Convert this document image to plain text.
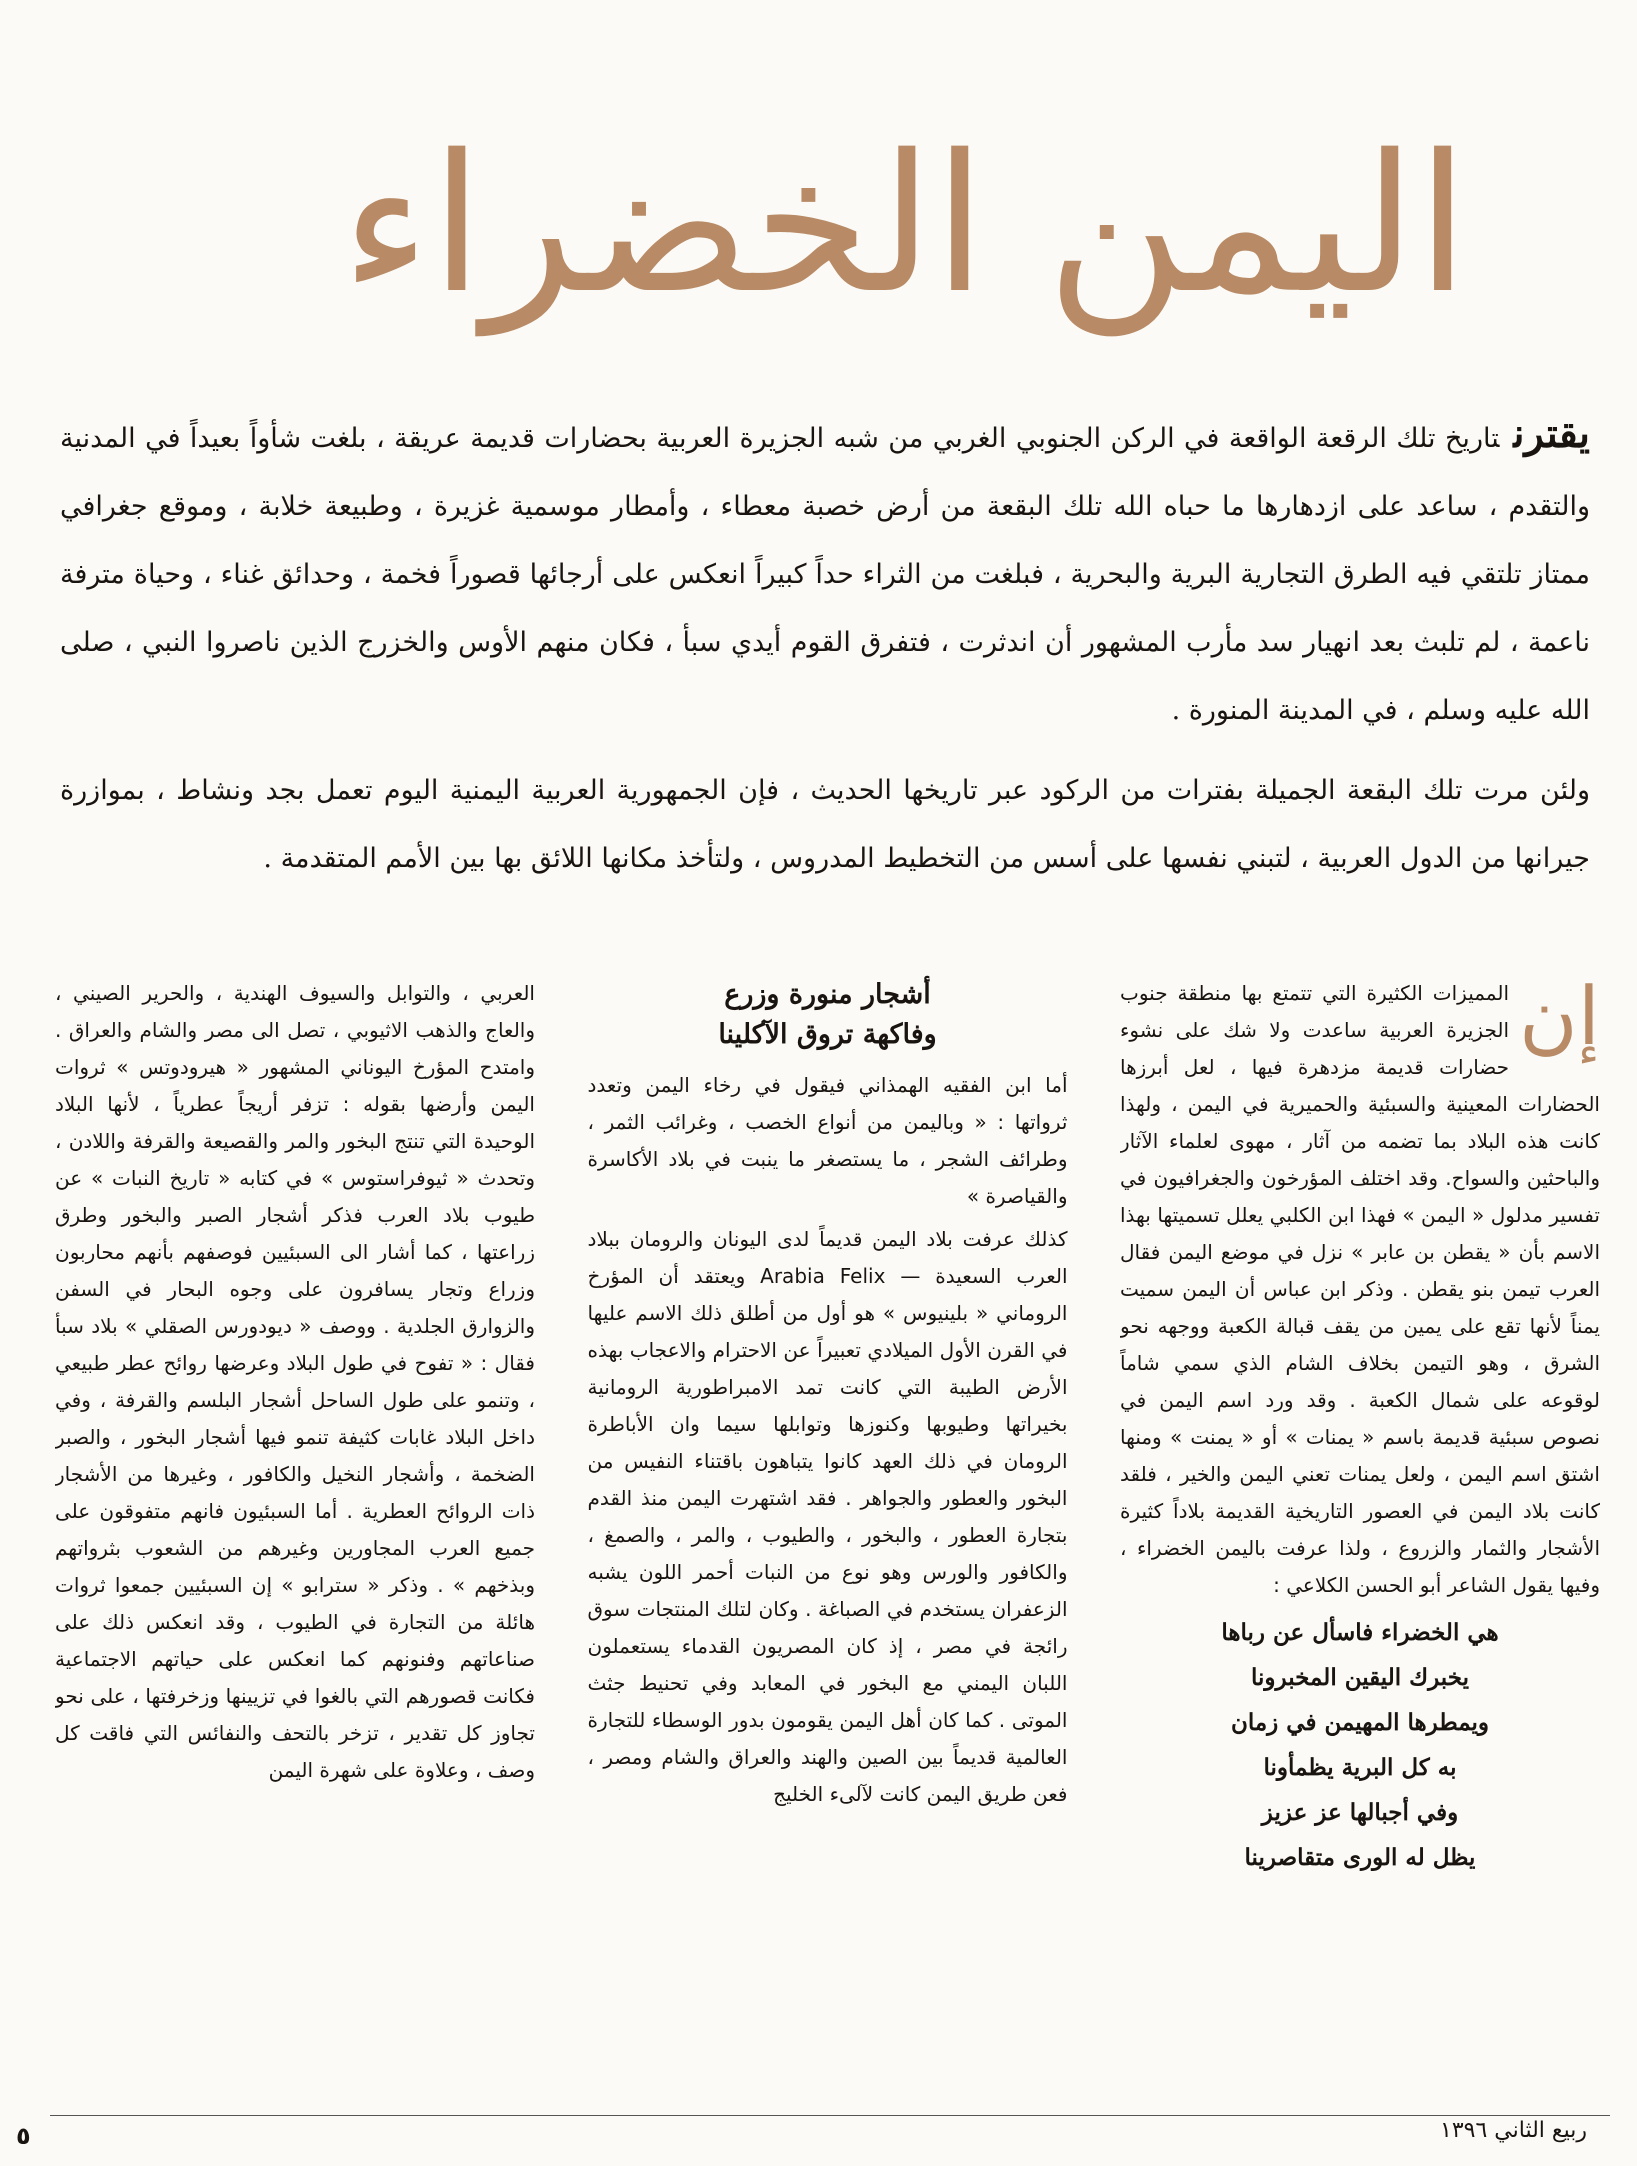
اليمن الخضراء

يقترنتاريخ تلك الرقعة الواقعة في الركن الجنوبي الغربي من شبه الجزيرة العربية بحضارات قديمة عريقة ، بلغت شأواً بعيداً في المدنية والتقدم ، ساعد على ازدهارها ما حباه الله تلك البقعة من أرض خصبة معطاء ، وأمطار موسمية غزيرة ، وطبيعة خلابة ، وموقع جغرافي ممتاز تلتقي فيه الطرق التجارية البرية والبحرية ، فبلغت من الثراء حداً كبيراً انعكس على أرجائها قصوراً فخمة ، وحدائق غناء ، وحياة مترفة ناعمة ، لم تلبث بعد انهيار سد مأرب المشهور أن اندثرت ، فتفرق القوم أيدي سبأ ، فكان منهم الأوس والخزرج الذين ناصروا النبي ، صلى الله عليه وسلم ، في المدينة المنورة .

ولئن مرت تلك البقعة الجميلة بفترات من الركود عبر تاريخها الحديث ، فإن الجمهورية العربية اليمنية اليوم تعمل بجد ونشاط ، بموازرة جيرانها من الدول العربية ، لتبني نفسها على أسس من التخطيط المدروس ، ولتأخذ مكانها اللائق بها بين الأمم المتقدمة .

إن
المميزات الكثيرة التي تتمتع بها منطقة جنوب الجزيرة العربية ساعدت ولا شك على نشوء حضارات قديمة مزدهرة فيها ، لعل أبرزها الحضارات المعينية والسبئية والحميرية في اليمن ، ولهذا كانت هذه البلاد بما تضمه من آثار ، مهوى لعلماء الآثار والباحثين والسواح. وقد اختلف المؤرخون والجغرافيون في تفسير مدلول « اليمن » فهذا ابن الكلبي يعلل تسميتها بهذا الاسم بأن « يقطن بن عابر » نزل في موضع اليمن فقال العرب تيمن بنو يقطن . وذكر ابن عباس أن اليمن سميت يمناً لأنها تقع على يمين من يقف قبالة الكعبة ووجهه نحو الشرق ، وهو التيمن بخلاف الشام الذي سمي شاماً لوقوعه على شمال الكعبة . وقد ورد اسم اليمن في نصوص سبئية قديمة باسم « يمنات » أو « يمنت » ومنها اشتق اسم اليمن ، ولعل يمنات تعني اليمن والخير ، فلقد كانت بلاد اليمن في العصور التاريخية القديمة بلاداً كثيرة الأشجار والثمار والزروع ، ولذا عرفت باليمن الخضراء ، وفيها يقول الشاعر أبو الحسن الكلاعي :

هي الخضراء فاسأل عن رباها
يخبرك اليقين المخبرونا
ويمطرها المهيمن في زمان
به كل البرية يظمأونا
وفي أجبالها عز عزيز
يظل له الورى متقاصرينا
أشجار منورة وزرع
وفاكهة تروق الآكلينا

أما ابن الفقيه الهمذاني فيقول في رخاء اليمن وتعدد ثرواتها : « وباليمن من أنواع الخصب ، وغرائب الثمر ، وطرائف الشجر ، ما يستصغر ما ينبت في بلاد الأكاسرة والقياصرة »

كذلك عرفت بلاد اليمن قديماً لدى اليونان والرومان ببلاد العرب السعيدة — Arabia Felix ويعتقد أن المؤرخ الروماني « بلينيوس » هو أول من أطلق ذلك الاسم عليها في القرن الأول الميلادي تعبيراً عن الاحترام والاعجاب بهذه الأرض الطيبة التي كانت تمد الامبراطورية الرومانية بخيراتها وطيوبها وكنوزها وتوابلها سيما وان الأباطرة الرومان في ذلك العهد كانوا يتباهون باقتناء النفيس من البخور والعطور والجواهر . فقد اشتهرت اليمن منذ القدم بتجارة العطور ، والبخور ، والطيوب ، والمر ، والصمغ ، والكافور والورس وهو نوع من النبات أحمر اللون يشبه الزعفران يستخدم في الصباغة . وكان لتلك المنتجات سوق رائجة في مصر ، إذ كان المصريون القدماء يستعملون اللبان اليمني مع البخور في المعابد وفي تحنيط جثث الموتى . كما كان أهل اليمن يقومون بدور الوسطاء للتجارة العالمية قديماً بين الصين والهند والعراق والشام ومصر ، فعن طريق اليمن كانت لآلىء الخليج

العربي ، والتوابل والسيوف الهندية ، والحرير الصيني ، والعاج والذهب الاثيوبي ، تصل الى مصر والشام والعراق . وامتدح المؤرخ اليوناني المشهور « هيرودوتس » ثروات اليمن وأرضها بقوله : تزفر أريجاً عطرياً ، لأنها البلاد الوحيدة التي تنتج البخور والمر والقصيعة والقرفة واللادن ، وتحدث « ثيوفراستوس » في كتابه « تاريخ النبات » عن طيوب بلاد العرب فذكر أشجار الصبر والبخور وطرق زراعتها ، كما أشار الى السبئيين فوصفهم بأنهم محاربون وزراع وتجار يسافرون على وجوه البحار في السفن والزوارق الجلدية . ووصف « ديودورس الصقلي » بلاد سبأ فقال : « تفوح في طول البلاد وعرضها روائح عطر طبيعي ، وتنمو على طول الساحل أشجار البلسم والقرفة ، وفي داخل البلاد غابات كثيفة تنمو فيها أشجار البخور ، والصبر الضخمة ، وأشجار النخيل والكافور ، وغيرها من الأشجار ذات الروائح العطرية . أما السبئيون فانهم متفوقون على جميع العرب المجاورين وغيرهم من الشعوب بثرواتهم وبذخهم » . وذكر « سترابو » إن السبئيين جمعوا ثروات هائلة من التجارة في الطيوب ، وقد انعكس ذلك على صناعاتهم وفنونهم كما انعكس على حياتهم الاجتماعية فكانت قصورهم التي بالغوا في تزيينها وزخرفتها ، على نحو تجاوز كل تقدير ، تزخر بالتحف والنفائس التي فاقت كل وصف ، وعلاوة على شهرة اليمن

ربيع الثاني ١٣٩٦
٥
